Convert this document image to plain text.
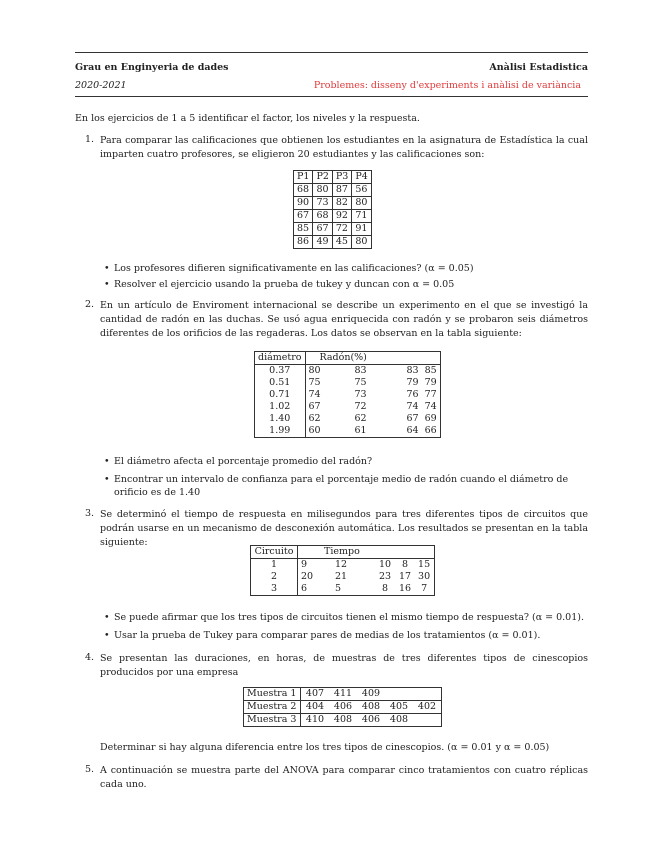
Grau en Enginyeria de dades	Anàlisi Estadistica
2020-2021	Problemes: disseny d'experiments i anàlisi de variància
En los ejercicios de 1 a 5 identificar el factor, los niveles y la respuesta.
1. Para comparar las calificaciones que obtienen los estudiantes en la asignatura de Estadística la cual imparten cuatro profesores, se eligieron 20 estudiantes y las calificaciones son:
P1	P2	P3	P4
68	80	87	56
90	73	82	80
67	68	92	71
85	67	72	91
86	49	45	80
• Los profesores difieren significativamente en las calificaciones? (α = 0.05)
• Resolver el ejercicio usando la prueba de tukey y duncan con α = 0.05
2. En un artículo de Enviroment internacional se describe un experimento en el que se investigó la cantidad de radón en las duchas. Se usó agua enriquecida con radón y se probaron seis diámetros diferentes de los orificios de las regaderas. Los datos se observan en la tabla siguiente:
diámetro	Radón(%)			
0.37	80	83	83	85
0.51	75	75	79	79
0.71	74	73	76	77
1.02	67	72	74	74
1.40	62	62	67	69
1.99	60	61	64	66
• El diámetro afecta el porcentaje promedio del radón?
• Encontrar un intervalo de confianza para el porcentaje medio de radón cuando el diámetro de orificio es de 1.40
3. Se determinó el tiempo de respuesta en milisegundos para tres diferentes tipos de circuitos que podrán usarse en un mecanismo de desconexión automática. Los resultados se presentan en la tabla siguiente:
Circuito	Tiempo				
1	9	12	10	8	15
2	20	21	23	17	30
3	6	5	8	16	7
• Se puede afirmar que los tres tipos de circuitos tienen el mismo tiempo de respuesta? (α = 0.01).
• Usar la prueba de Tukey para comparar pares de medias de los tratamientos (α = 0.01).
4. Se presentan las duraciones, en horas, de muestras de tres diferentes tipos de cinescopios producidos por una empresa
Muestra 1	407	411	409		
Muestra 2	404	406	408	405	402
Muestra 3	410	408	406	408	
Determinar si hay alguna diferencia entre los tres tipos de cinescopios. (α = 0.01 y α = 0.05)
5. A continuación se muestra parte del ANOVA para comparar cinco tratamientos con cuatro réplicas cada uno.
